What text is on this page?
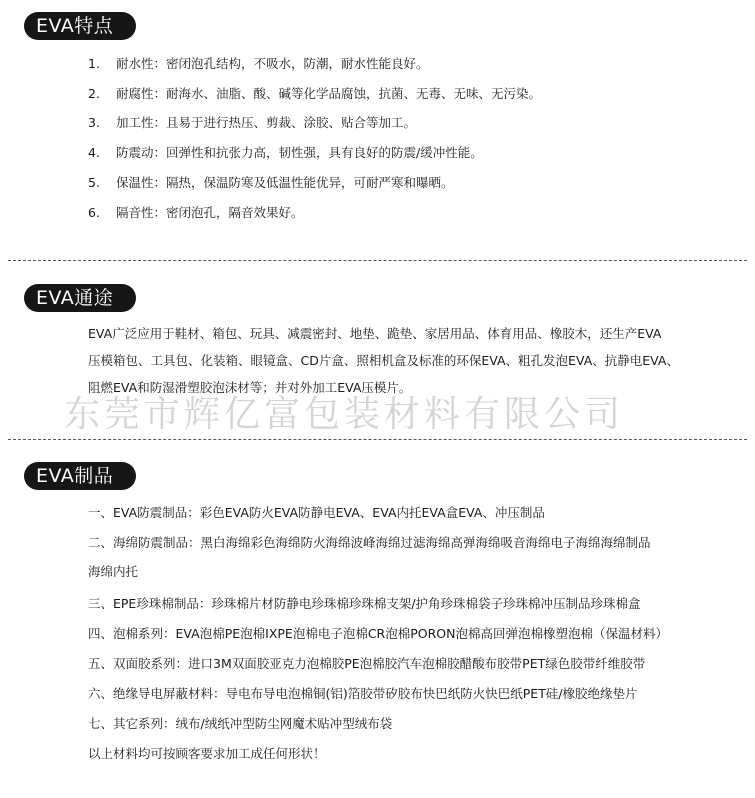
EVA特点
1. 耐水性：密闭泡孔结构，不吸水，防潮，耐水性能良好。
2. 耐腐性：耐海水、油脂、酸、碱等化学品腐蚀，抗菌、无毒、无味、无污染。
3. 加工性：且易于进行热压、剪裁、涂胶、贴合等加工。
4. 防震动：回弹性和抗张力高，韧性强，具有良好的防震/缓冲性能。
5. 保温性：隔热，保温防寒及低温性能优异，可耐严寒和曝晒。
6. 隔音性：密闭泡孔，隔音效果好。
EVA通途

EVA广泛应用于鞋材、箱包、玩具、减震密封、地垫、跪垫、家居用品、体育用品、橡胶木，还生产EVA

压模箱包、工具包、化装箱、眼镜盒、CD片盒、照相机盒及标准的环保EVA、粗孔发泡EVA、抗静电EVA、

阻燃EVA和防湿滑塑胶泡沫材等；并对外加工EVA压模片。

东莞市辉亿富包装材料有限公司
EVA制品
一、EVA防震制品：彩色EVA防火EVA防静电EVA、EVA内托EVA盒EVA、冲压制品
二、海绵防震制品：黑白海绵彩色海绵防火海绵波峰海绵过滤海绵高弹海绵吸音海绵电子海绵海绵制品
海绵内托
三、EPE珍珠棉制品：珍珠棉片材防静电珍珠棉珍珠棉支架/护角珍珠棉袋子珍珠棉冲压制品珍珠棉盒
四、泡棉系列：EVA泡棉PE泡棉IXPE泡棉电子泡棉CR泡棉PORON泡棉高回弹泡棉橡塑泡棉（保温材料）
五、双面胶系列：进口3M双面胶亚克力泡棉胶PE泡棉胶汽车泡棉胶醋酸布胶带PET绿色胶带纤维胶带
六、绝缘导电屏蔽材料：导电布导电泡棉铜(铝)箔胶带矽胶布快巴纸防火快巴纸PET硅/橡胶绝缘垫片
七、其它系列：绒布/绒纸冲型防尘网魔术贴冲型绒布袋
以上材料均可按顾客要求加工成任何形状！
